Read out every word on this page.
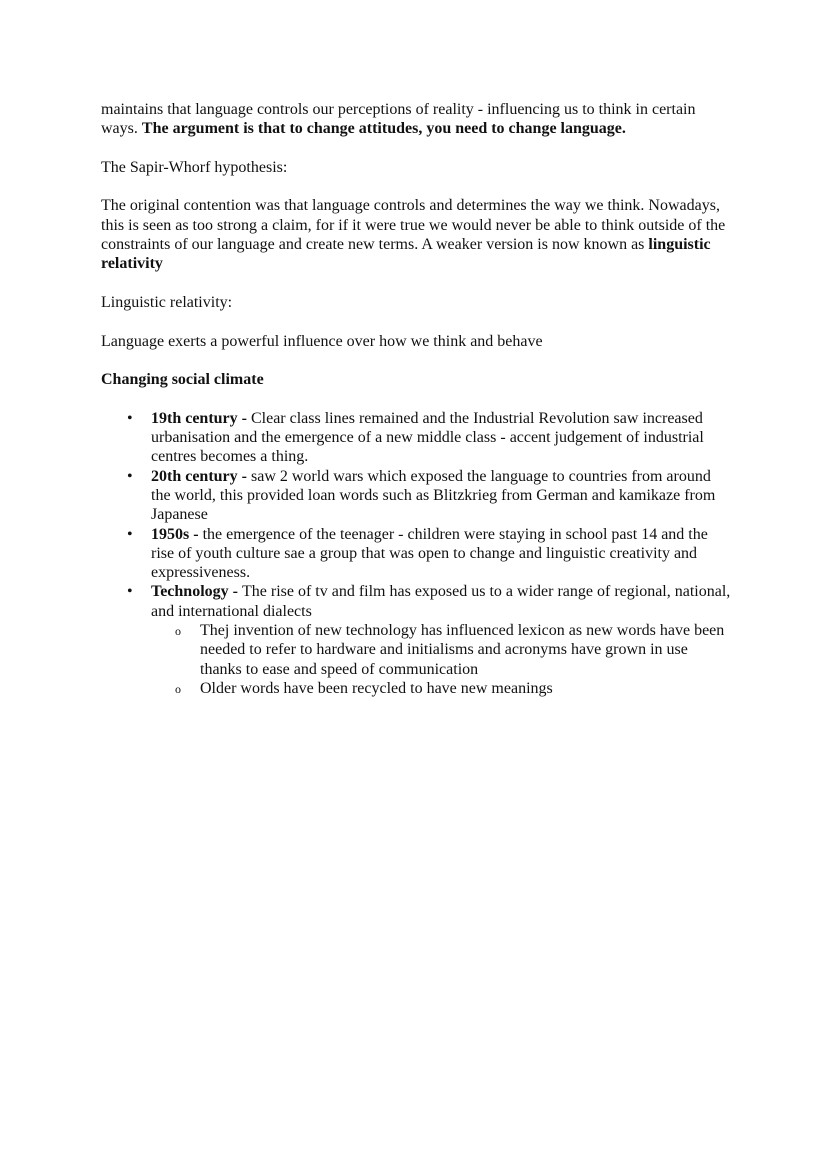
maintains that language controls our perceptions of reality - influencing us to think in certain ways. The argument is that to change attitudes, you need to change language.

The Sapir-Whorf hypothesis:

The original contention was that language controls and determines the way we think. Nowadays, this is seen as too strong a claim, for if it were true we would never be able to think outside of the constraints of our language and create new terms. A weaker version is now known as linguistic relativity

Linguistic relativity:

Language exerts a powerful influence over how we think and behave

Changing social climate

• 19th century - Clear class lines remained and the Industrial Revolution saw increased urbanisation and the emergence of a new middle class - accent judgement of industrial centres becomes a thing.
• 20th century - saw 2 world wars which exposed the language to countries from around the world, this provided loan words such as Blitzkrieg from German and kamikaze from Japanese
• 1950s - the emergence of the teenager - children were staying in school past 14 and the rise of youth culture sae a group that was open to change and linguistic creativity and expressiveness.
• Technology - The rise of tv and film has exposed us to a wider range of regional, national, and international dialects
o Thej invention of new technology has influenced lexicon as new words have been needed to refer to hardware and initialisms and acronyms have grown in use thanks to ease and speed of communication
o Older words have been recycled to have new meanings
